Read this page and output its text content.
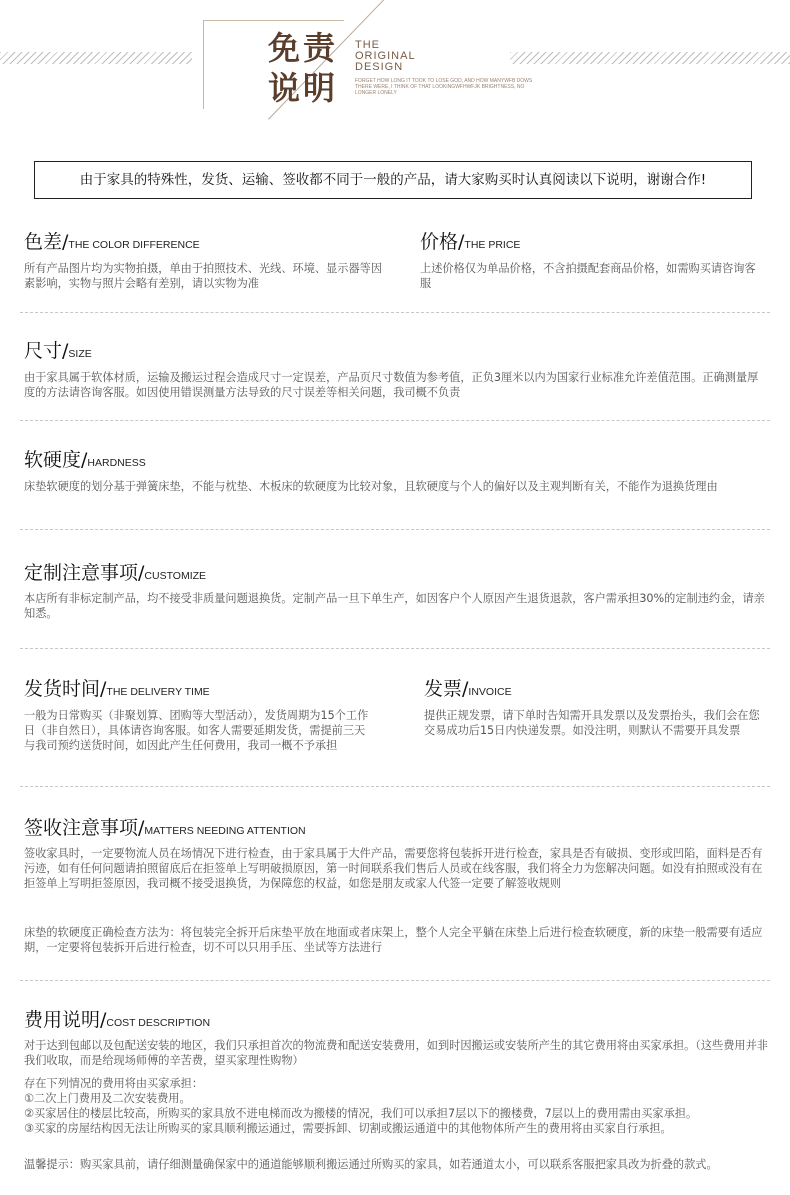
免责
说明
THE
ORIGINAL
DESIGN
FORGET HOW LONG IT TOOK TO LOSE GOD, AND HOW MANYWFB DOWS THERE WERE, I THINK OF THAT LOOKINGWFHWFJK BRIGHTNESS, NO LONGER LONELY
由于家具的特殊性，发货、运输、签收都不同于一般的产品，请大家购买时认真阅读以下说明，谢谢合作!
色差/THE COLOR DIFFERENCE

所有产品图片均为实物拍摄，单由于拍照技术、光线、环境、显示器等因素影响，实物与照片会略有差别，请以实物为准

价格/THE PRICE

上述价格仅为单品价格，不含拍摄配套商品价格，如需购买请咨询客服

尺寸/SIZE

由于家具属于软体材质，运输及搬运过程会造成尺寸一定误差，产品页尺寸数值为参考值，正负3厘米以内为国家行业标准允许差值范围。正确测量厚度的方法请咨询客服。如因使用错误测量方法导致的尺寸误差等相关问题，我司概不负责

软硬度/HARDNESS

床垫软硬度的划分基于弹簧床垫，不能与枕垫、木板床的软硬度为比较对象，且软硬度与个人的偏好以及主观判断有关，不能作为退换货理由

定制注意事项/CUSTOMIZE

本店所有非标定制产品，均不接受非质量问题退换货。定制产品一旦下单生产，如因客户个人原因产生退货退款，客户需承担30%的定制违约金，请亲知悉。

发货时间/THE DELIVERY TIME

一般为日常购买（非聚划算、团购等大型活动），发货周期为15个工作日（非自然日），具体请咨询客服。如客人需要延期发货，需提前三天与我司预约送货时间，如因此产生任何费用，我司一概不予承担

发票/INVOICE

提供正规发票，请下单时告知需开具发票以及发票抬头，我们会在您交易成功后15日内快递发票。如没注明，则默认不需要开具发票

签收注意事项/MATTERS NEEDING ATTENTION

签收家具时，一定要物流人员在场情况下进行检查，由于家具属于大件产品，需要您将包装拆开进行检查，家具是否有破损、变形或凹陷，面料是否有污迹，如有任何问题请拍照留底后在拒签单上写明破损原因，第一时间联系我们售后人员或在线客服，我们将全力为您解决问题。如没有拍照或没有在拒签单上写明拒签原因，我司概不接受退换货，为保障您的权益，如您是朋友或家人代签一定要了解签收规则

床垫的软硬度正确检查方法为：将包装完全拆开后床垫平放在地面或者床架上，整个人完全平躺在床垫上后进行检查软硬度，新的床垫一般需要有适应期，一定要将包装拆开后进行检查，切不可以只用手压、坐试等方法进行

费用说明/COST DESCRIPTION

对于达到包邮以及包配送安装的地区，我们只承担首次的物流费和配送安装费用，如到时因搬运或安装所产生的其它费用将由买家承担。（这些费用并非我们收取，而是给现场师傅的辛苦费，望买家理性购物）

存在下列情况的费用将由买家承担：

①二次上门费用及二次安装费用。

②买家居住的楼层比较高，所购买的家具放不进电梯而改为搬楼的情况，我们可以承担7层以下的搬楼费，7层以上的费用需由买家承担。

③买家的房屋结构因无法让所购买的家具顺利搬运通过，需要拆卸、切割或搬运通道中的其他物体所产生的费用将由买家自行承担。

温馨提示：购买家具前，请仔细测量确保家中的通道能够顺利搬运通过所购买的家具，如若通道太小，可以联系客服把家具改为折叠的款式。
